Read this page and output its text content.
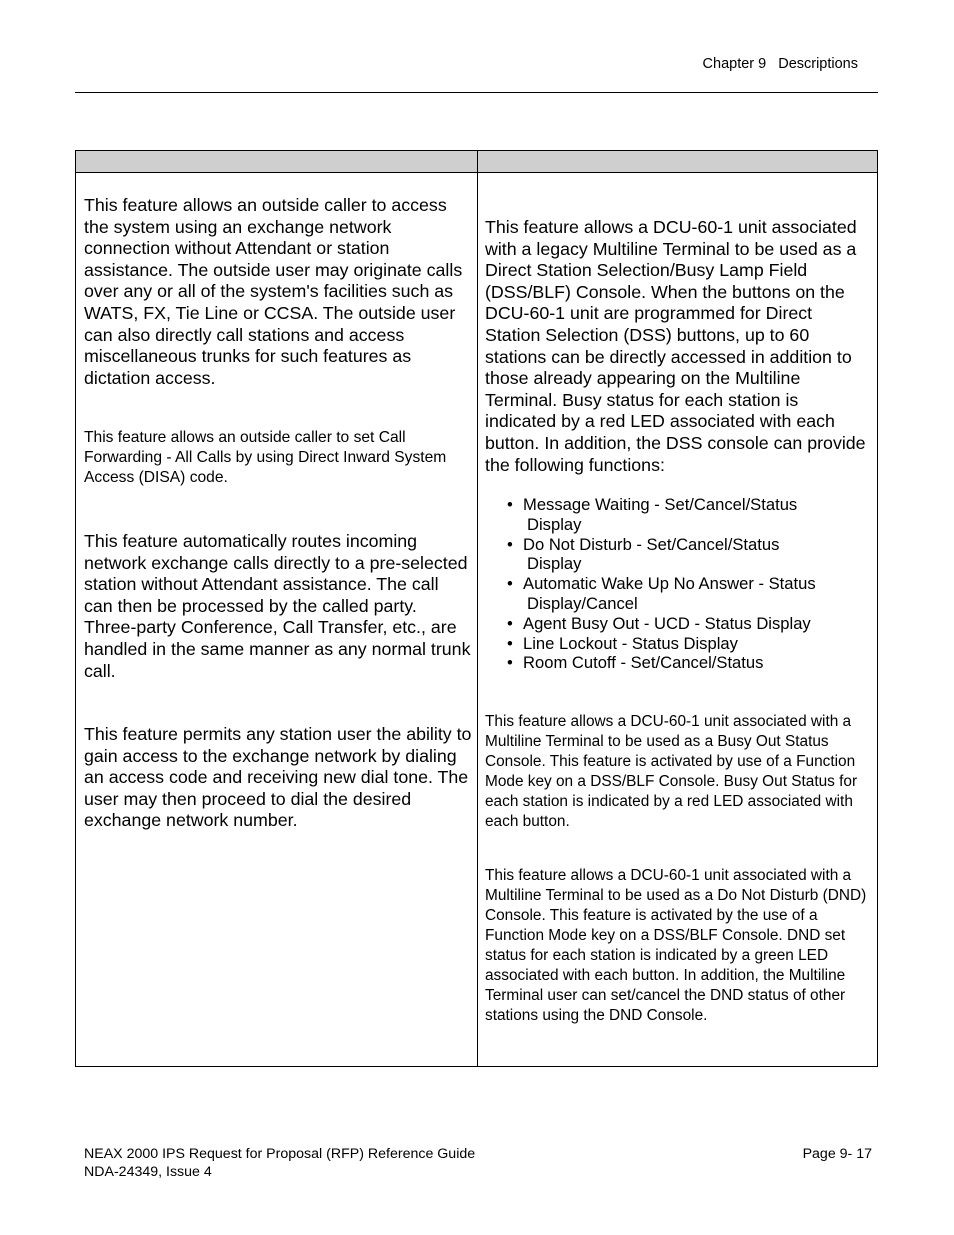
Chapter 9 Descriptions

This feature allows an outside caller to access the system using an exchange network connection without Attendant or station assistance. The outside user may originate calls over any or all of the system's facilities such as WATS, FX, Tie Line or CCSA. The outside user can also directly call stations and access miscellaneous trunks for such features as dictation access.

This feature allows an outside caller to set Call Forwarding - All Calls by using Direct Inward System Access (DISA) code.

This feature automatically routes incoming network exchange calls directly to a pre-selected station without Attendant assistance. The call can then be processed by the called party. Three-party Conference, Call Transfer, etc., are handled in the same manner as any normal trunk call.

This feature permits any station user the ability to gain access to the exchange network by dialing an access code and receiving new dial tone. The user may then proceed to dial the desired exchange network number.

This feature allows a DCU-60-1 unit associated with a legacy Multiline Terminal to be used as a Direct Station Selection/Busy Lamp Field (DSS/BLF) Console. When the buttons on the DCU-60-1 unit are programmed for Direct Station Selection (DSS) buttons, up to 60 stations can be directly accessed in addition to those already appearing on the Multiline Terminal. Busy status for each station is indicated by a red LED associated with each button. In addition, the DSS console can provide the following functions:

• Message Waiting - Set/Cancel/Status
Display
• Do Not Disturb - Set/Cancel/Status
Display
• Automatic Wake Up No Answer - Status
Display/Cancel
• Agent Busy Out - UCD - Status Display
• Line Lockout - Status Display
• Room Cutoff - Set/Cancel/Status

This feature allows a DCU-60-1 unit associated with a Multiline Terminal to be used as a Busy Out Status Console. This feature is activated by use of a Function Mode key on a DSS/BLF Console. Busy Out Status for each station is indicated by a red LED associated with each button.

This feature allows a DCU-60-1 unit associated with a Multiline Terminal to be used as a Do Not Disturb (DND) Console. This feature is activated by the use of a Function Mode key on a DSS/BLF Console. DND set status for each station is indicated by a green LED associated with each button. In addition, the Multiline Terminal user can set/cancel the DND status of other stations using the DND Console.

NEAX 2000 IPS Request for Proposal (RFP) Reference Guide
NDA-24349, Issue 4
Page 9- 17
